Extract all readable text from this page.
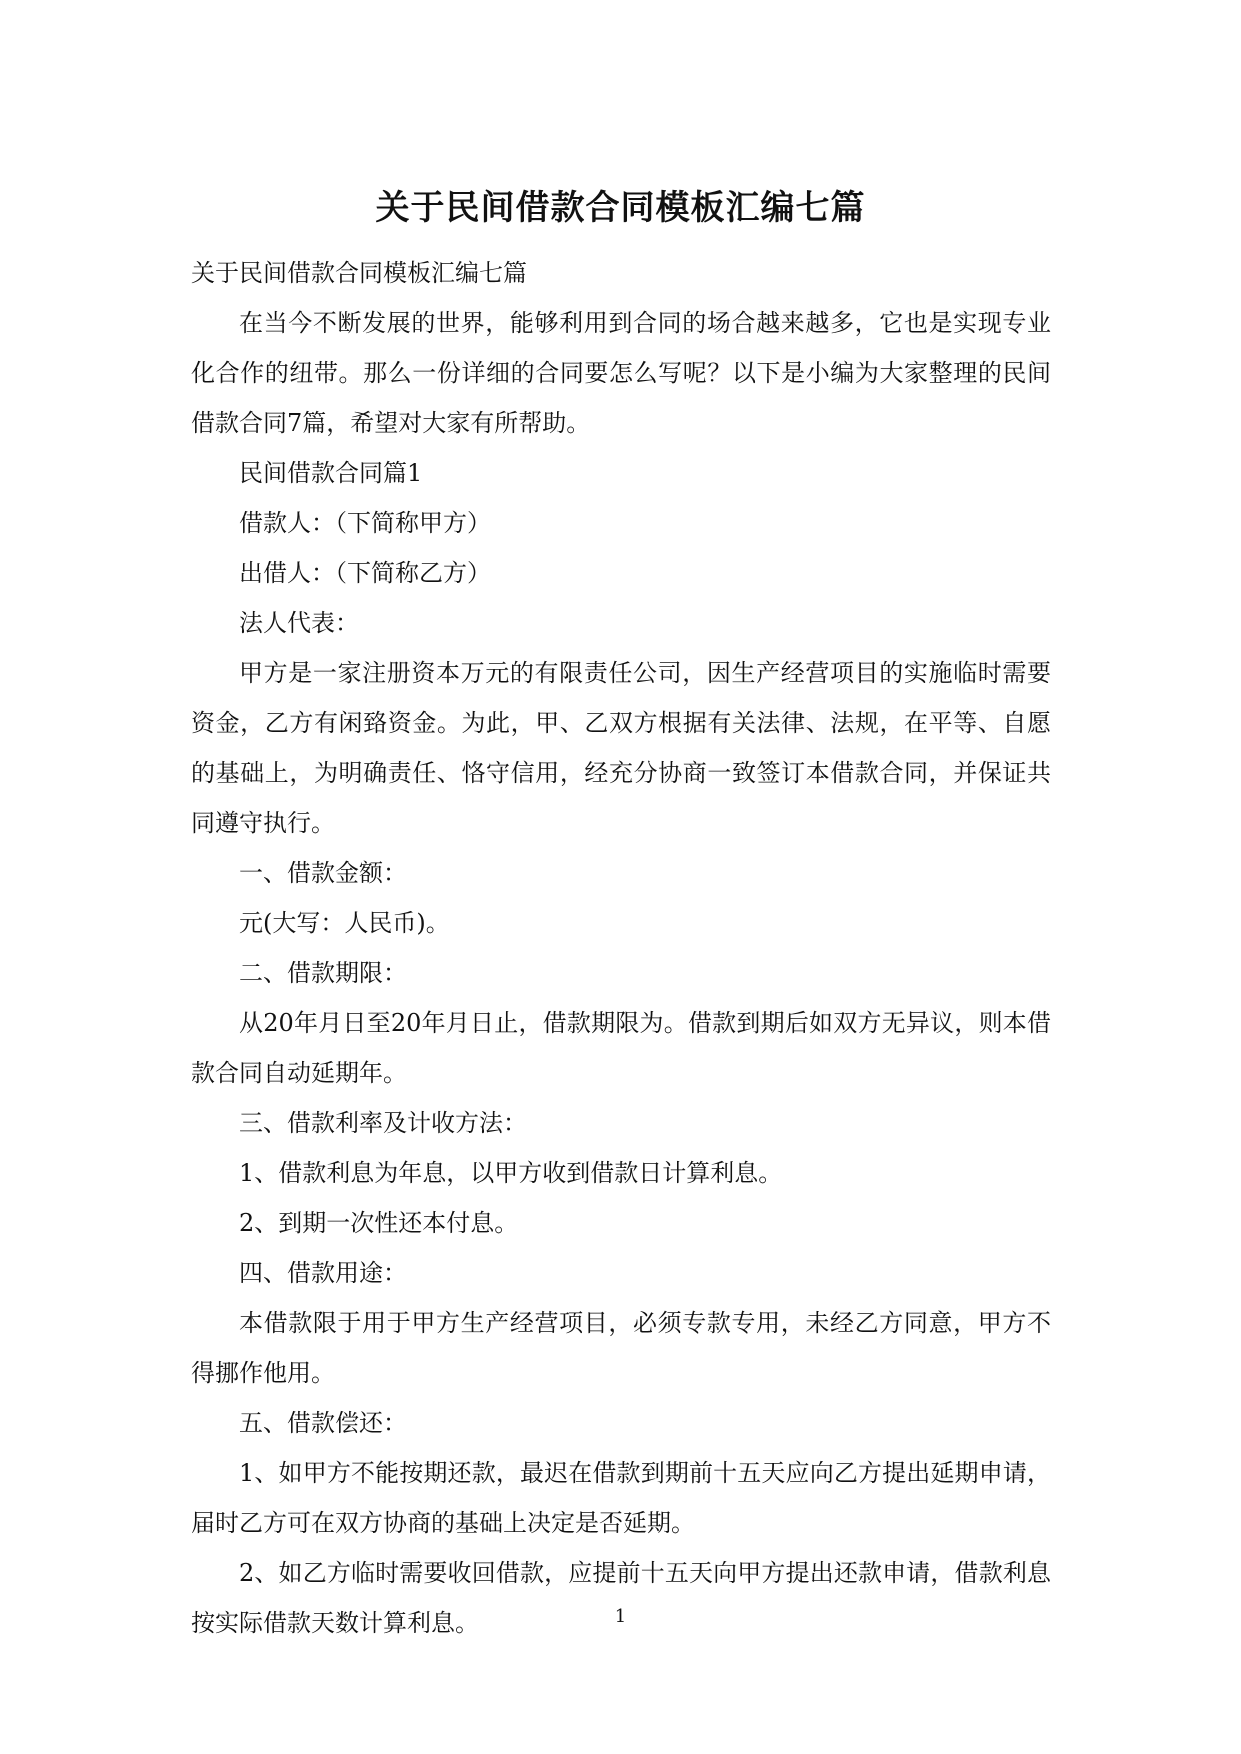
关于民间借款合同模板汇编七篇

关于民间借款合同模板汇编七篇

在当今不断发展的世界，能够利用到合同的场合越来越多，它也是实现专业化合作的纽带。那么一份详细的合同要怎么写呢？以下是小编为大家整理的民间借款合同7篇，希望对大家有所帮助。

民间借款合同篇1

借款人：（下简称甲方）

出借人：（下简称乙方）

法人代表：

甲方是一家注册资本万元的有限责任公司，因生产经营项目的实施临时需要资金，乙方有闲臵资金。为此，甲、乙双方根据有关法律、法规，在平等、自愿的基础上，为明确责任、恪守信用，经充分协商一致签订本借款合同，并保证共同遵守执行。

一、借款金额：

元(大写：人民币)。

二、借款期限：

从20年月日至20年月日止，借款期限为。借款到期后如双方无异议，则本借款合同自动延期年。

三、借款利率及计收方法：

1、借款利息为年息，以甲方收到借款日计算利息。

2、到期一次性还本付息。

四、借款用途：

本借款限于用于甲方生产经营项目，必须专款专用，未经乙方同意，甲方不得挪作他用。

五、借款偿还：

1、如甲方不能按期还款，最迟在借款到期前十五天应向乙方提出延期申请，届时乙方可在双方协商的基础上决定是否延期。

2、如乙方临时需要收回借款，应提前十五天向甲方提出还款申请，借款利息按实际借款天数计算利息。	1
